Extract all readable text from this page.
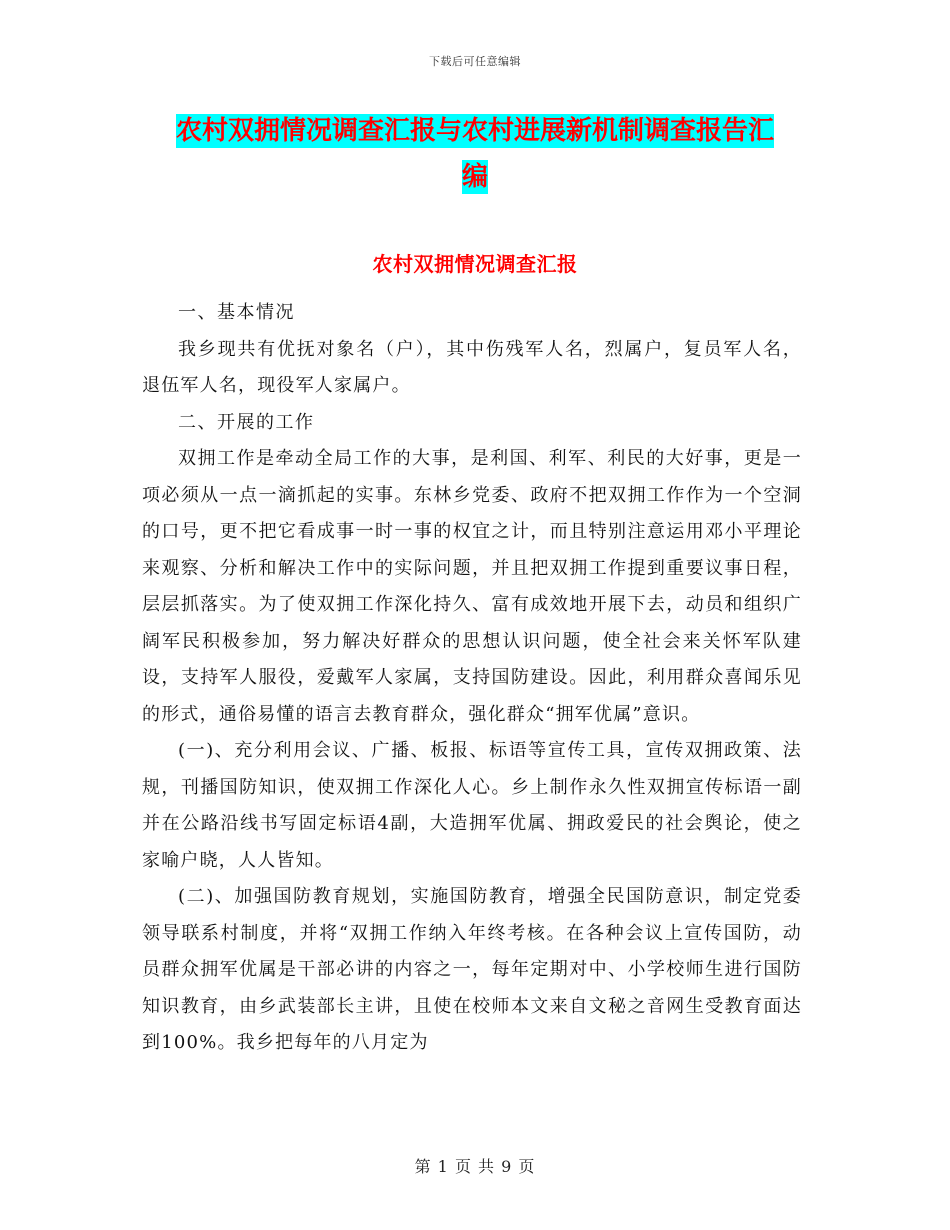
下载后可任意编辑
农村双拥情况调查汇报与农村进展新机制调查报告汇
编
农村双拥情况调查汇报

一、基本情况

我乡现共有优抚对象名（户），其中伤残军人名，烈属户，复员军人名，退伍军人名，现役军人家属户。

二、开展的工作

双拥工作是牵动全局工作的大事，是利国、利军、利民的大好事，更是一项必须从一点一滴抓起的实事。东林乡党委、政府不把双拥工作作为一个空洞的口号，更不把它看成事一时一事的权宜之计，而且特别注意运用邓小平理论来观察、分析和解决工作中的实际问题，并且把双拥工作提到重要议事日程，层层抓落实。为了使双拥工作深化持久、富有成效地开展下去，动员和组织广阔军民积极参加，努力解决好群众的思想认识问题，使全社会来关怀军队建设，支持军人服役，爱戴军人家属，支持国防建设。因此，利用群众喜闻乐见的形式，通俗易懂的语言去教育群众，强化群众“拥军优属”意识。

(一)、充分利用会议、广播、板报、标语等宣传工具，宣传双拥政策、法规，刊播国防知识，使双拥工作深化人心。乡上制作永久性双拥宣传标语一副并在公路沿线书写固定标语4副，大造拥军优属、拥政爱民的社会舆论，使之家喻户晓，人人皆知。

(二)、加强国防教育规划，实施国防教育，增强全民国防意识，制定党委领导联系村制度，并将“双拥工作纳入年终考核。在各种会议上宣传国防，动员群众拥军优属是干部必讲的内容之一，每年定期对中、小学校师生进行国防知识教育，由乡武装部长主讲，且使在校师本文来自文秘之音网生受教育面达到100%。我乡把每年的八月定为

第 1 页 共 9 页
